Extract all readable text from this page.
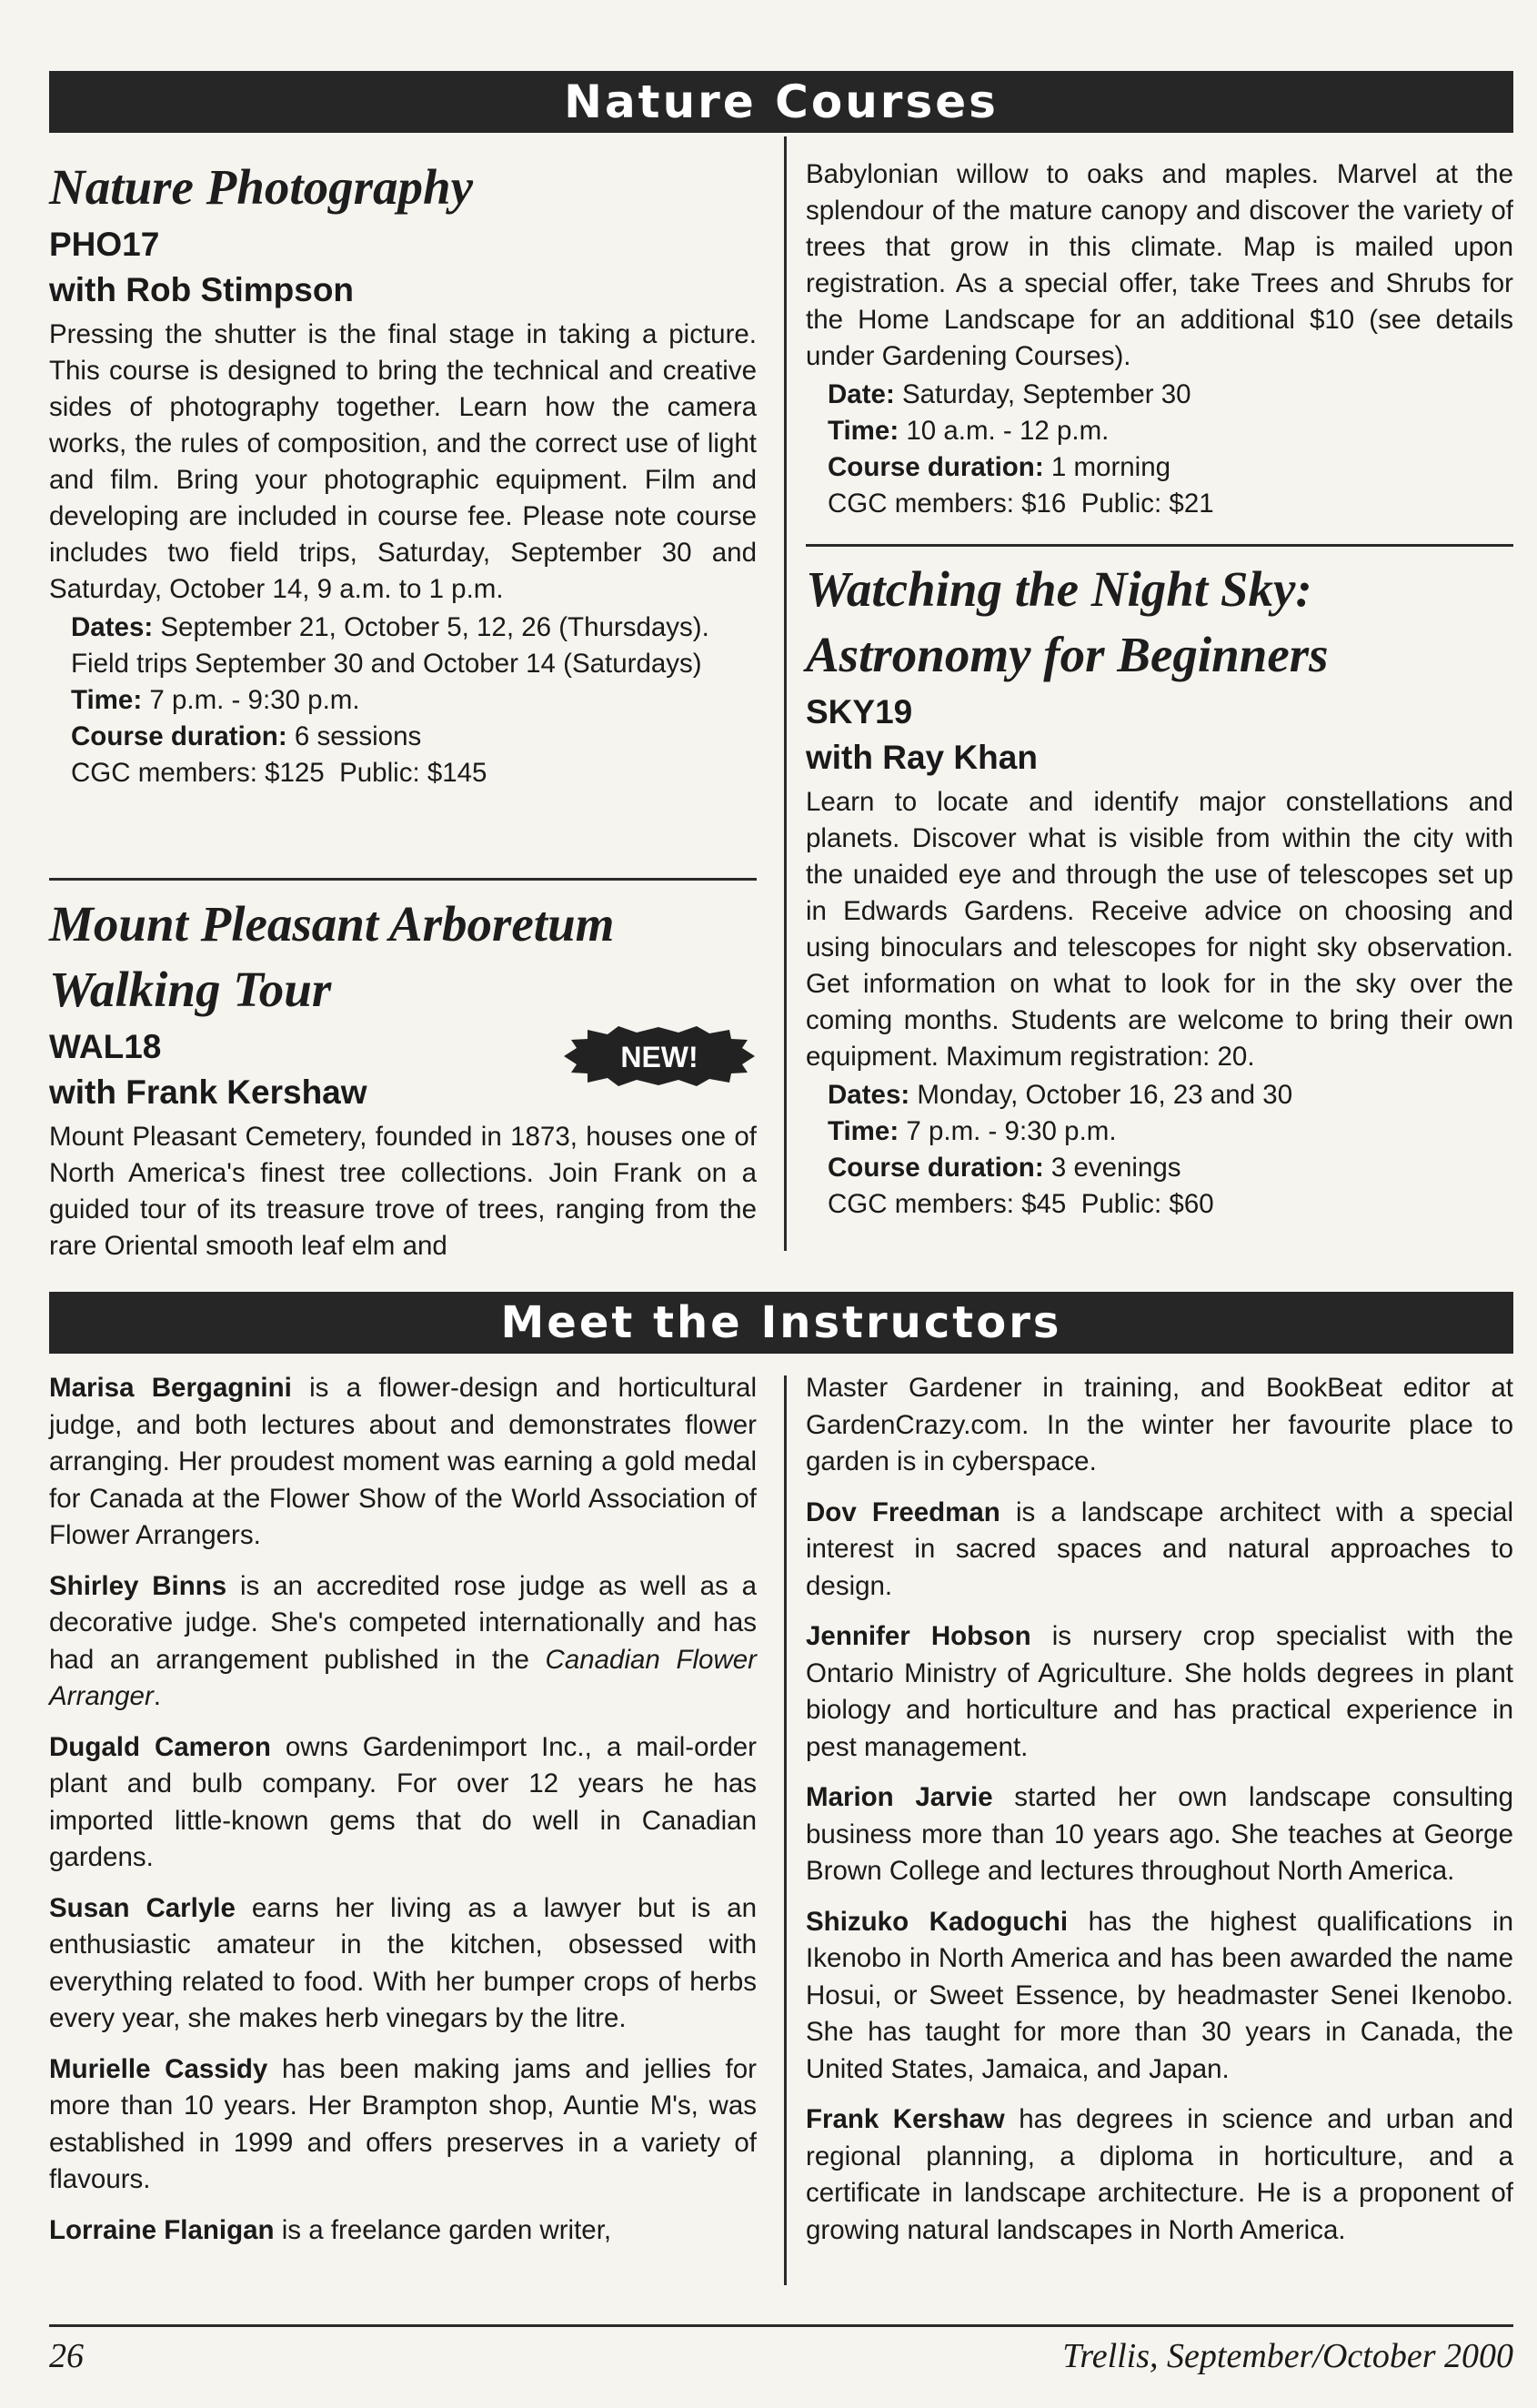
Nature Courses
Nature Photography
PHO17
with Rob Stimpson

Pressing the shutter is the final stage in taking a picture. This course is designed to bring the technical and creative sides of photography together. Learn how the camera works, the rules of composition, and the correct use of light and film. Bring your photographic equipment. Film and developing are included in course fee. Please note course includes two field trips, Saturday, September 30 and Saturday, October 14, 9 a.m. to 1 p.m.

Dates: September 21, October 5, 12, 26 (Thursdays). Field trips September 30 and October 14 (Saturdays)
Time: 7 p.m. - 9:30 p.m.
Course duration: 6 sessions
CGC members: $125  Public: $145
Mount Pleasant Arboretum
Walking Tour
WAL18
with Frank Kershaw

Mount Pleasant Cemetery, founded in 1873, houses one of North America's finest tree collections. Join Frank on a guided tour of its treasure trove of trees, ranging from the rare Oriental smooth leaf elm and

NEW!

Babylonian willow to oaks and maples. Marvel at the splendour of the mature canopy and discover the variety of trees that grow in this climate. Map is mailed upon registration. As a special offer, take Trees and Shrubs for the Home Landscape for an additional $10 (see details under Gardening Courses).

Date: Saturday, September 30
Time: 10 a.m. - 12 p.m.
Course duration: 1 morning
CGC members: $16  Public: $21
Watching the Night Sky:
Astronomy for Beginners
SKY19
with Ray Khan

Learn to locate and identify major constellations and planets. Discover what is visible from within the city with the unaided eye and through the use of telescopes set up in Edwards Gardens. Receive advice on choosing and using binoculars and telescopes for night sky observation. Get information on what to look for in the sky over the coming months. Students are welcome to bring their own equipment. Maximum registration: 20.

Dates: Monday, October 16, 23 and 30
Time: 7 p.m. - 9:30 p.m.
Course duration: 3 evenings
CGC members: $45  Public: $60
Meet the Instructors

Marisa Bergagnini is a flower-design and horticultural judge, and both lectures about and demonstrates flower arranging. Her proudest moment was earning a gold medal for Canada at the Flower Show of the World Association of Flower Arrangers.

Shirley Binns is an accredited rose judge as well as a decorative judge. She's competed internationally and has had an arrangement published in the Canadian Flower Arranger.

Dugald Cameron owns Gardenimport Inc., a mail-order plant and bulb company. For over 12 years he has imported little-known gems that do well in Canadian gardens.

Susan Carlyle earns her living as a lawyer but is an enthusiastic amateur in the kitchen, obsessed with everything related to food. With her bumper crops of herbs every year, she makes herb vinegars by the litre.

Murielle Cassidy has been making jams and jellies for more than 10 years. Her Brampton shop, Auntie M's, was established in 1999 and offers preserves in a variety of flavours.

Lorraine Flanigan is a freelance garden writer,

Master Gardener in training, and BookBeat editor at GardenCrazy.com. In the winter her favourite place to garden is in cyberspace.

Dov Freedman is a landscape architect with a special interest in sacred spaces and natural approaches to design.

Jennifer Hobson is nursery crop specialist with the Ontario Ministry of Agriculture. She holds degrees in plant biology and horticulture and has practical experience in pest management.

Marion Jarvie started her own landscape consulting business more than 10 years ago. She teaches at George Brown College and lectures throughout North America.

Shizuko Kadoguchi has the highest qualifications in Ikenobo in North America and has been awarded the name Hosui, or Sweet Essence, by headmaster Senei Ikenobo. She has taught for more than 30 years in Canada, the United States, Jamaica, and Japan.

Frank Kershaw has degrees in science and urban and regional planning, a diploma in horticulture, and a certificate in landscape architecture. He is a proponent of growing natural landscapes in North America.

26	Trellis, September/October 2000
